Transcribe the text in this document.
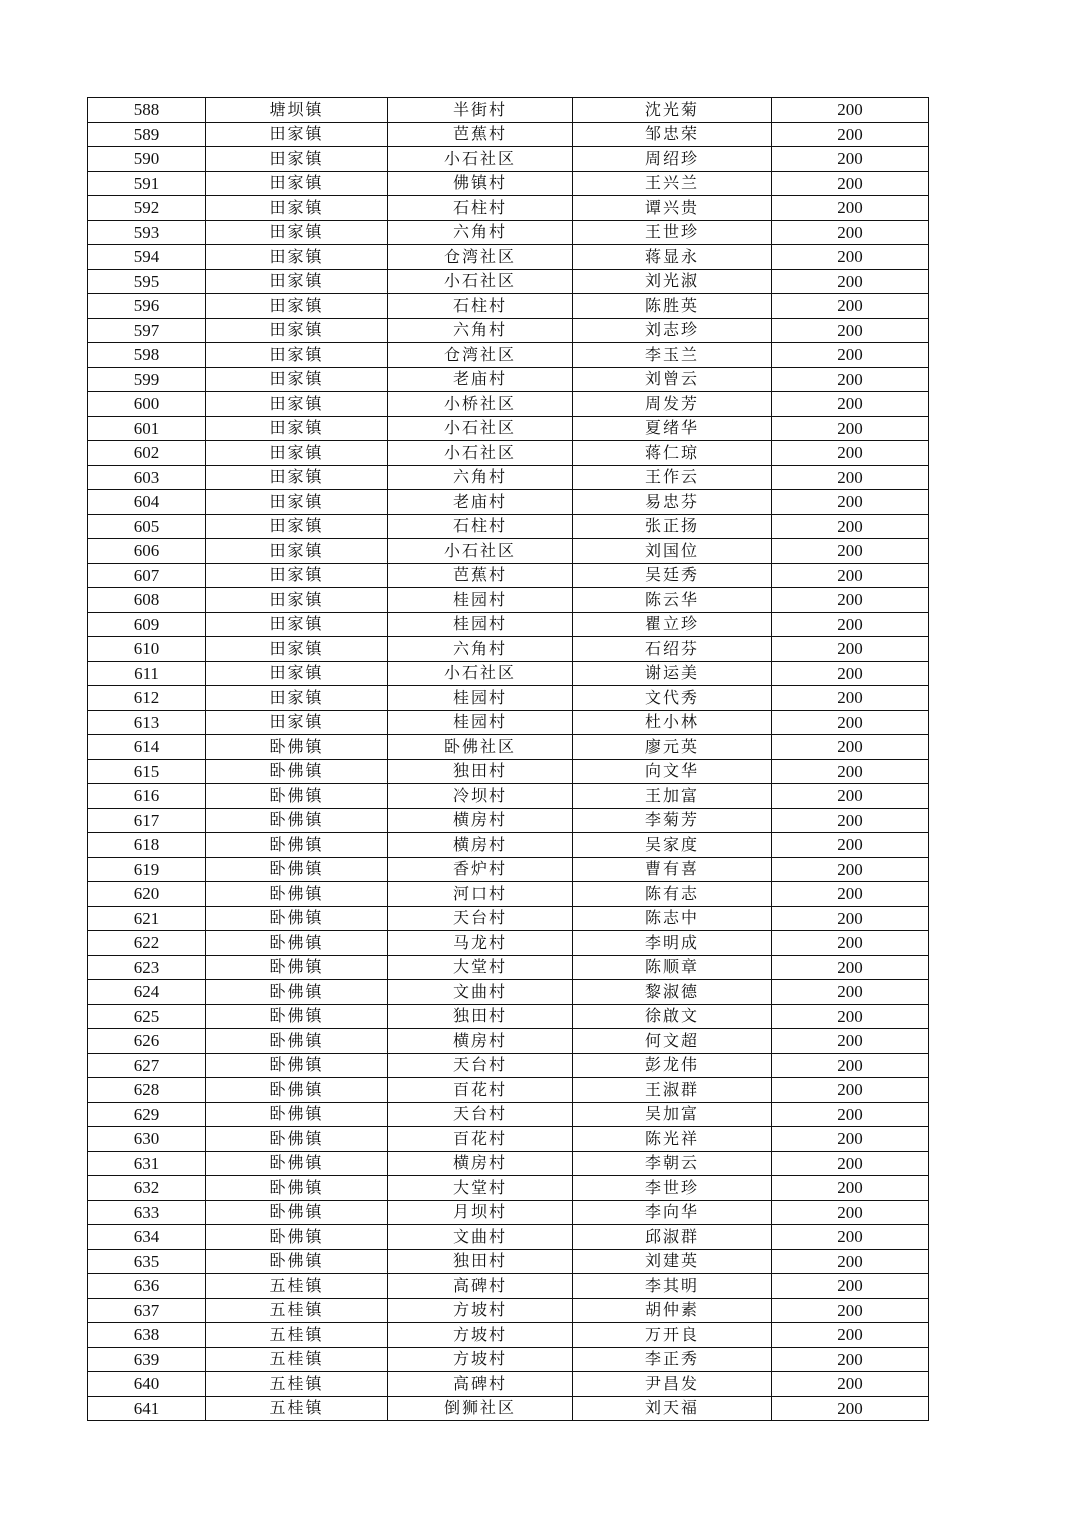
588	塘坝镇	半街村	沈光菊	200
589	田家镇	芭蕉村	邹忠荣	200
590	田家镇	小石社区	周绍珍	200
591	田家镇	佛镇村	王兴兰	200
592	田家镇	石柱村	谭兴贵	200
593	田家镇	六角村	王世珍	200
594	田家镇	仓湾社区	蒋显永	200
595	田家镇	小石社区	刘光淑	200
596	田家镇	石柱村	陈胜英	200
597	田家镇	六角村	刘志珍	200
598	田家镇	仓湾社区	李玉兰	200
599	田家镇	老庙村	刘曾云	200
600	田家镇	小桥社区	周发芳	200
601	田家镇	小石社区	夏绪华	200
602	田家镇	小石社区	蒋仁琼	200
603	田家镇	六角村	王作云	200
604	田家镇	老庙村	易忠芬	200
605	田家镇	石柱村	张正扬	200
606	田家镇	小石社区	刘国位	200
607	田家镇	芭蕉村	吴廷秀	200
608	田家镇	桂园村	陈云华	200
609	田家镇	桂园村	瞿立珍	200
610	田家镇	六角村	石绍芬	200
611	田家镇	小石社区	谢运美	200
612	田家镇	桂园村	文代秀	200
613	田家镇	桂园村	杜小林	200
614	卧佛镇	卧佛社区	廖元英	200
615	卧佛镇	独田村	向文华	200
616	卧佛镇	冷坝村	王加富	200
617	卧佛镇	横房村	李菊芳	200
618	卧佛镇	横房村	吴家度	200
619	卧佛镇	香炉村	曹有喜	200
620	卧佛镇	河口村	陈有志	200
621	卧佛镇	天台村	陈志中	200
622	卧佛镇	马龙村	李明成	200
623	卧佛镇	大堂村	陈顺章	200
624	卧佛镇	文曲村	黎淑德	200
625	卧佛镇	独田村	徐啟文	200
626	卧佛镇	横房村	何文超	200
627	卧佛镇	天台村	彭龙伟	200
628	卧佛镇	百花村	王淑群	200
629	卧佛镇	天台村	吴加富	200
630	卧佛镇	百花村	陈光祥	200
631	卧佛镇	横房村	李朝云	200
632	卧佛镇	大堂村	李世珍	200
633	卧佛镇	月坝村	李向华	200
634	卧佛镇	文曲村	邱淑群	200
635	卧佛镇	独田村	刘建英	200
636	五桂镇	高碑村	李其明	200
637	五桂镇	方坡村	胡仲素	200
638	五桂镇	方坡村	万开良	200
639	五桂镇	方坡村	李正秀	200
640	五桂镇	高碑村	尹昌发	200
641	五桂镇	倒狮社区	刘天福	200
